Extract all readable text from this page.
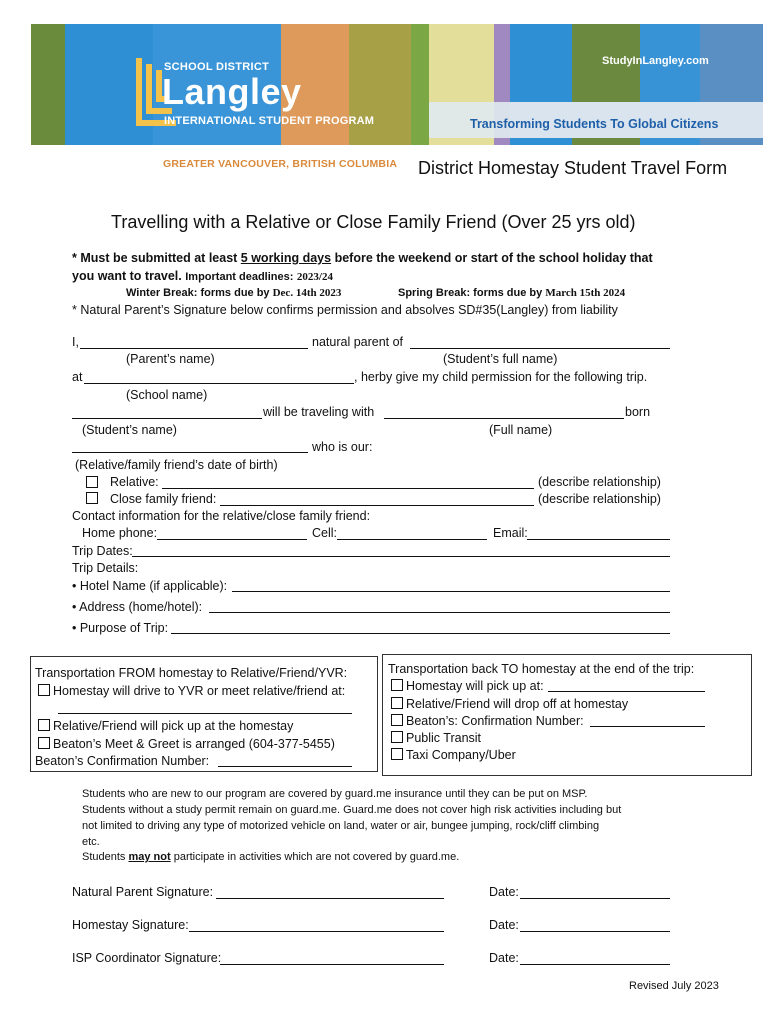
SCHOOL DISTRICT
Langley
INTERNATIONAL STUDENT PROGRAM
StudyInLangley.com
Transforming Students To Global Citizens
GREATER VANCOUVER, BRITISH COLUMBIA District Homestay Student Travel Form
Travelling with a Relative or Close Family Friend (Over 25 yrs old)
* Must be submitted at least 5 working days before the weekend or start of the school holiday that
you want to travel. Important deadlines: 2023/24
Winter Break: forms due by Dec. 14th 2023	Spring Break: forms due by March 15th 2024
* Natural Parent’s Signature below confirms permission and absolves SD#35(Langley) from liability
I,	natural parent of
(Parent’s name)	(Student’s full name)
at	, herby give my child permission for the following trip.
(School name)
will be traveling with	born
(Student’s name)	(Full name)
who is our:
(Relative/family friend’s date of birth)
Relative:	(describe relationship)
Close family friend:	(describe relationship)
Contact information for the relative/close family friend:
Home phone:	Cell:	Email:
Trip Dates:
Trip Details:
• Hotel Name (if applicable):
• Address (home/hotel):
• Purpose of Trip:
Transportation FROM homestay to Relative/Friend/YVR:
Homestay will drive to YVR or meet relative/friend at:
Relative/Friend will pick up at the homestay
Beaton’s Meet & Greet is arranged (604-377-5455)
Beaton’s Confirmation Number:
Transportation back TO homestay at the end of the trip:
Homestay will pick up at:
Relative/Friend will drop off at homestay
Beaton’s: Confirmation Number:
Public Transit
Taxi Company/Uber
Students who are new to our program are covered by guard.me insurance until they can be put on MSP.
Students without a study permit remain on guard.me. Guard.me does not cover high risk activities including but
not limited to driving any type of motorized vehicle on land, water or air, bungee jumping, rock/cliff climbing
etc.
Students may not participate in activities which are not covered by guard.me.
Natural Parent Signature:	Date:
Homestay Signature:	Date:
ISP Coordinator Signature:	Date:
Revised July 2023
